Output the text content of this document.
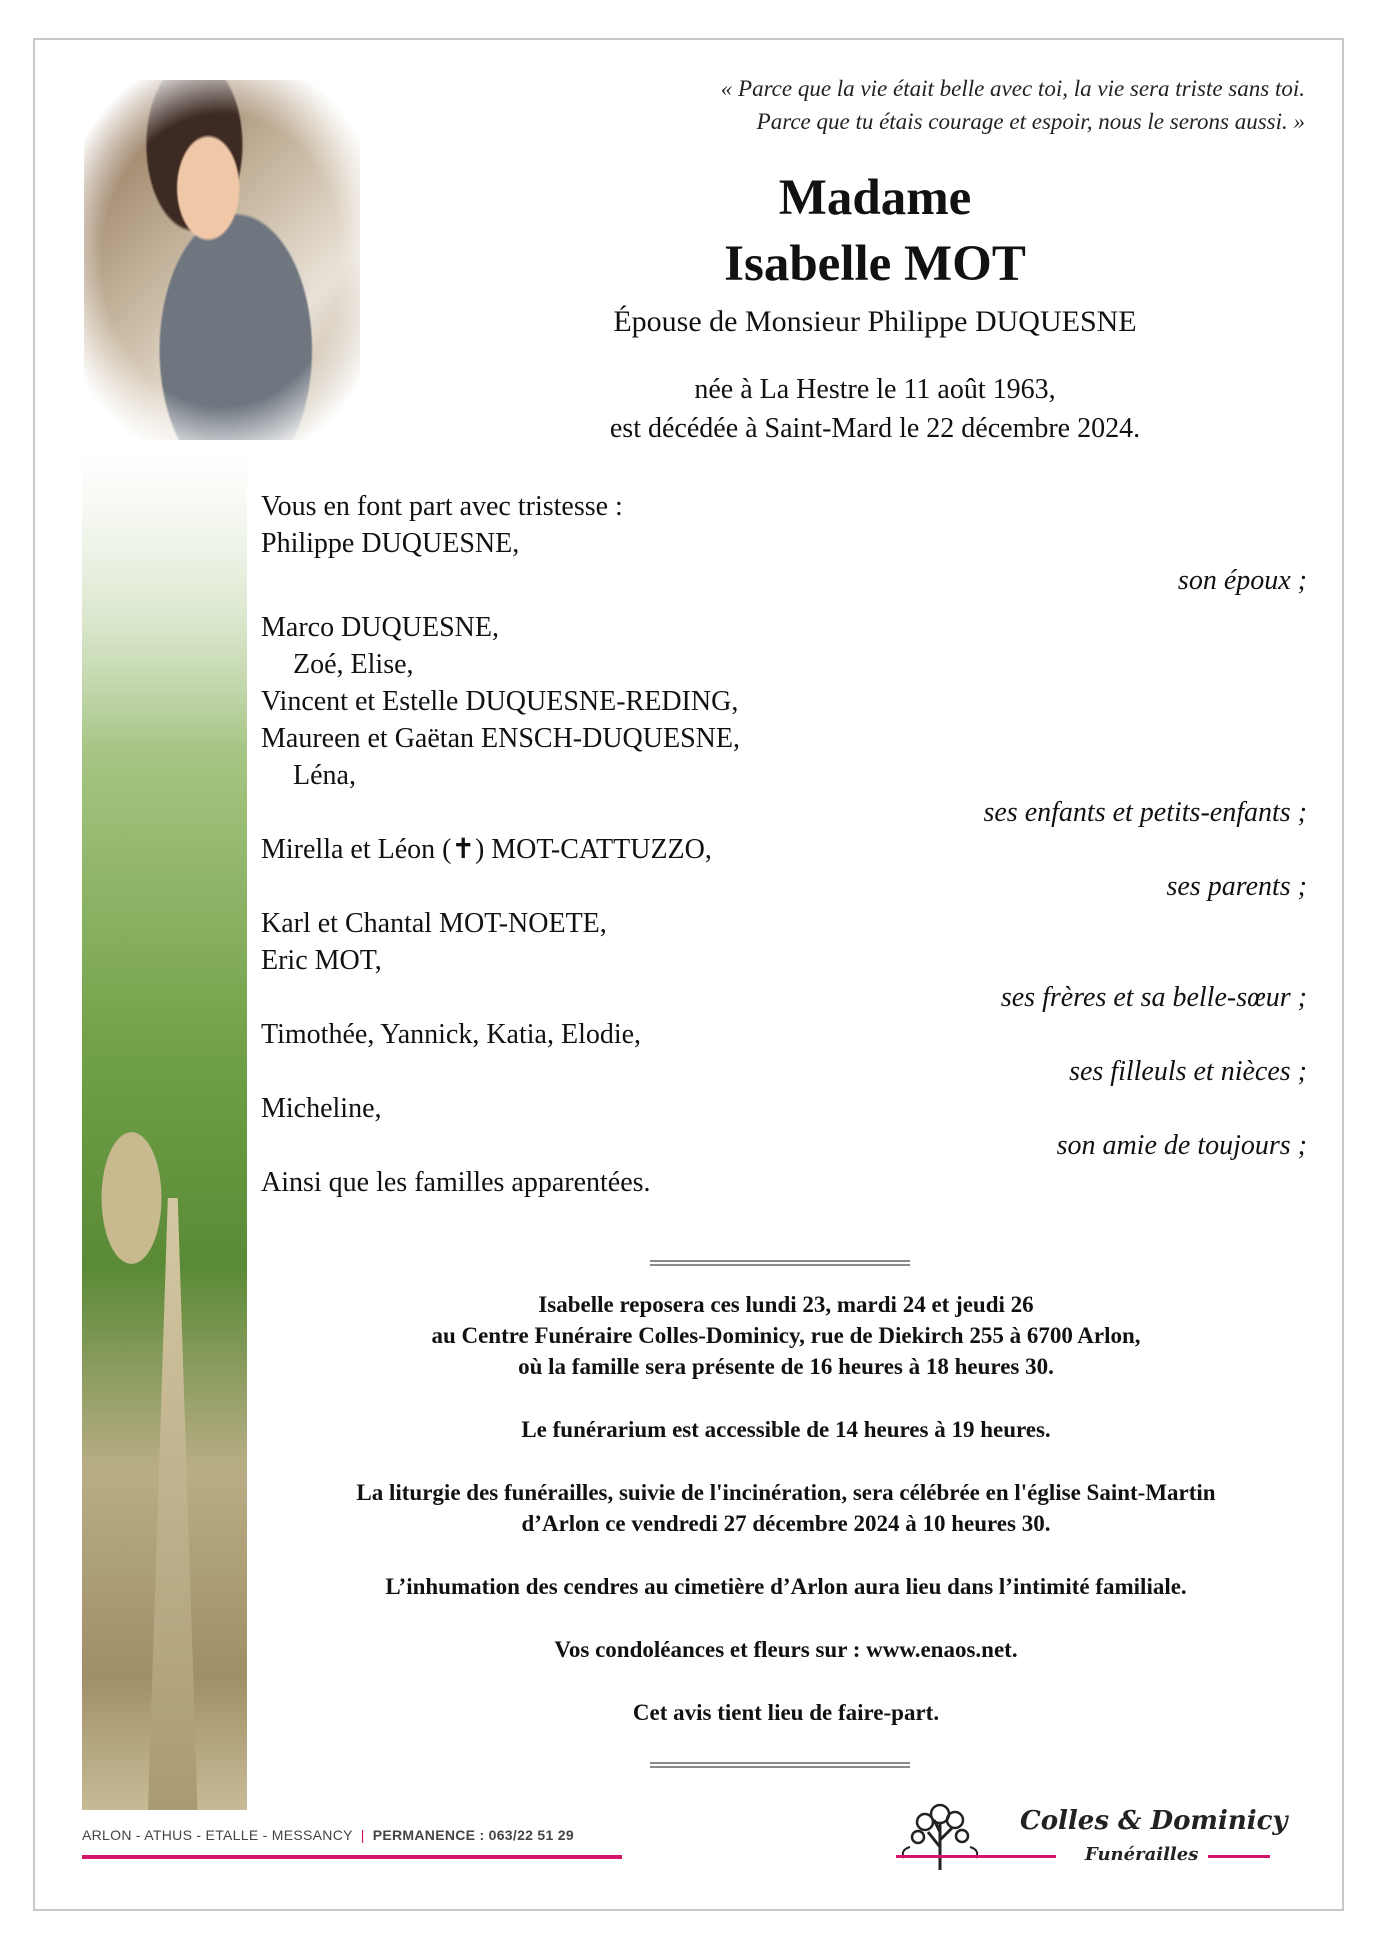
« Parce que la vie était belle avec toi, la vie sera triste sans toi.
Parce que tu étais courage et espoir, nous le serons aussi. »
Madame
Isabelle MOT
Épouse de Monsieur Philippe DUQUESNE
née à La Hestre le 11 août 1963,
est décédée à Saint-Mard le 22 décembre 2024.
Vous en font part avec tristesse :
Philippe DUQUESNE,
son époux ;
Marco DUQUESNE,
Zoé, Elise,
Vincent et Estelle DUQUESNE-REDING,
Maureen et Gaëtan ENSCH-DUQUESNE,
Léna,
ses enfants et petits-enfants ;
Mirella et Léon (✝) MOT-CATTUZZO,
ses parents ;
Karl et Chantal MOT-NOETE,
Eric MOT,
ses frères et sa belle-sœur ;
Timothée, Yannick, Katia, Elodie,
ses filleuls et nièces ;
Micheline,
son amie de toujours ;
Ainsi que les familles apparentées.

Isabelle reposera ces lundi 23, mardi 24 et jeudi 26
au Centre Funéraire Colles-Dominicy, rue de Diekirch 255 à 6700 Arlon,
où la famille sera présente de 16 heures à 18 heures 30.

Le funérarium est accessible de 14 heures à 19 heures.

La liturgie des funérailles, suivie de l'incinération, sera célébrée en l'église Saint-Martin
d’Arlon ce vendredi 27 décembre 2024 à 10 heures 30.

L’inhumation des cendres au cimetière d’Arlon aura lieu dans l’intimité familiale.

Vos condoléances et fleurs sur : www.enaos.net.

Cet avis tient lieu de faire-part.

ARLON - ATHUS - ETALLE - MESSANCY | PERMANENCE : 063/22 51 29	Colles & Dominicy
Funérailles
